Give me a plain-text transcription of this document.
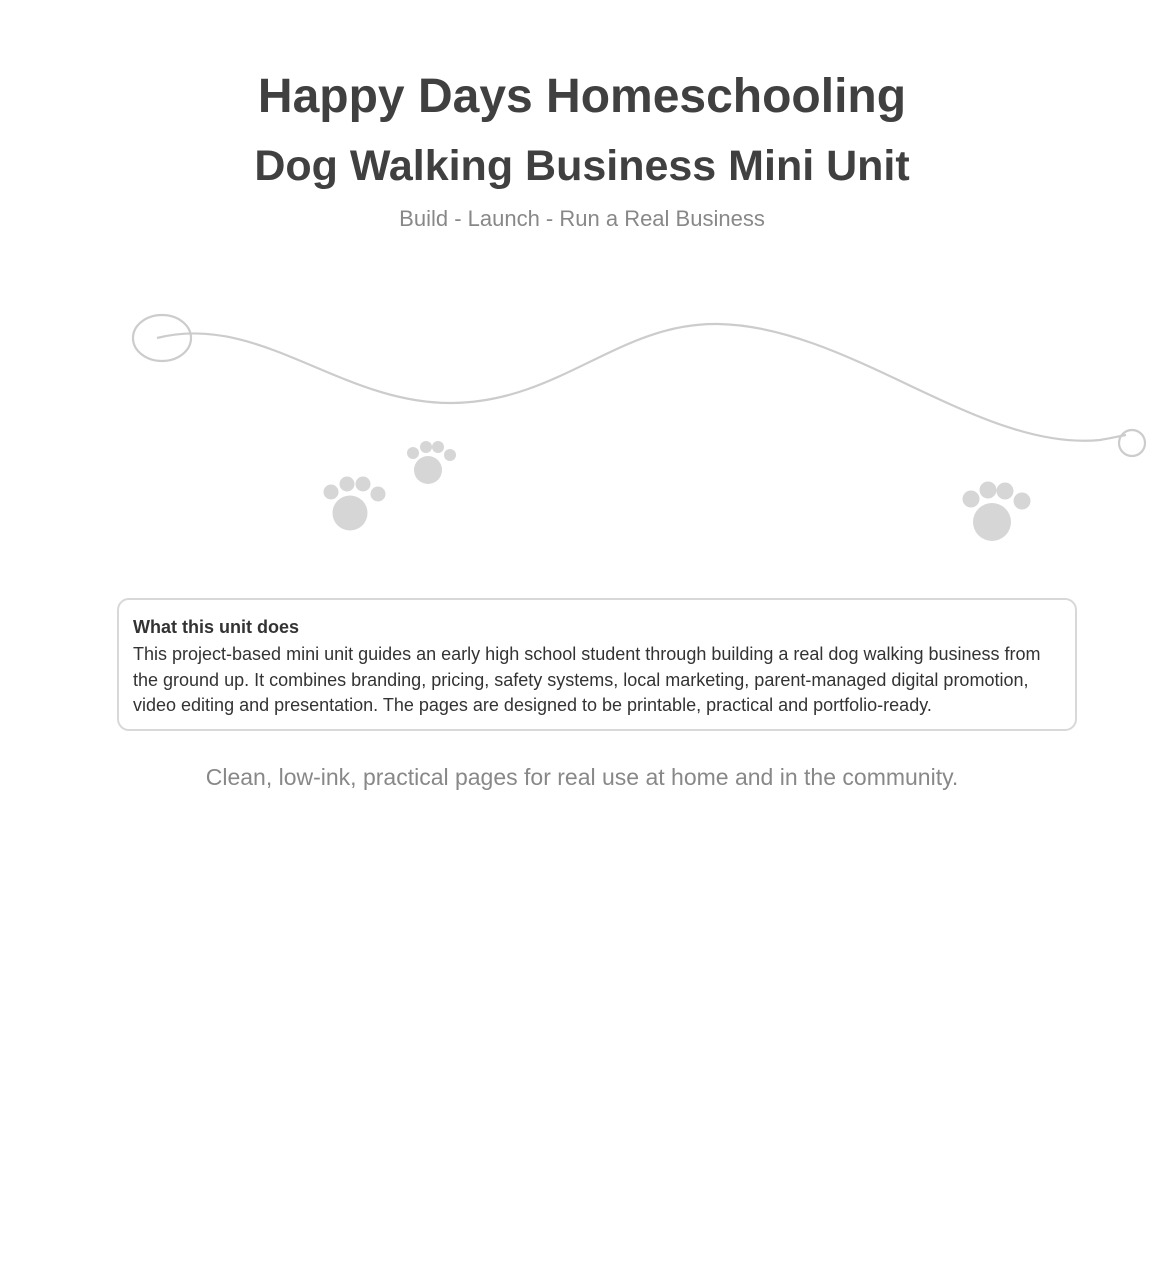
Happy Days Homeschooling
Dog Walking Business Mini Unit
Build - Launch - Run a Real Business
What this unit does
This project-based mini unit guides an early high school student through building a real dog walking business from the ground up. It combines branding, pricing, safety systems, local marketing, parent-managed digital promotion, video editing and presentation. The pages are designed to be printable, practical and portfolio-ready.
Clean, low-ink, practical pages for real use at home and in the community.
